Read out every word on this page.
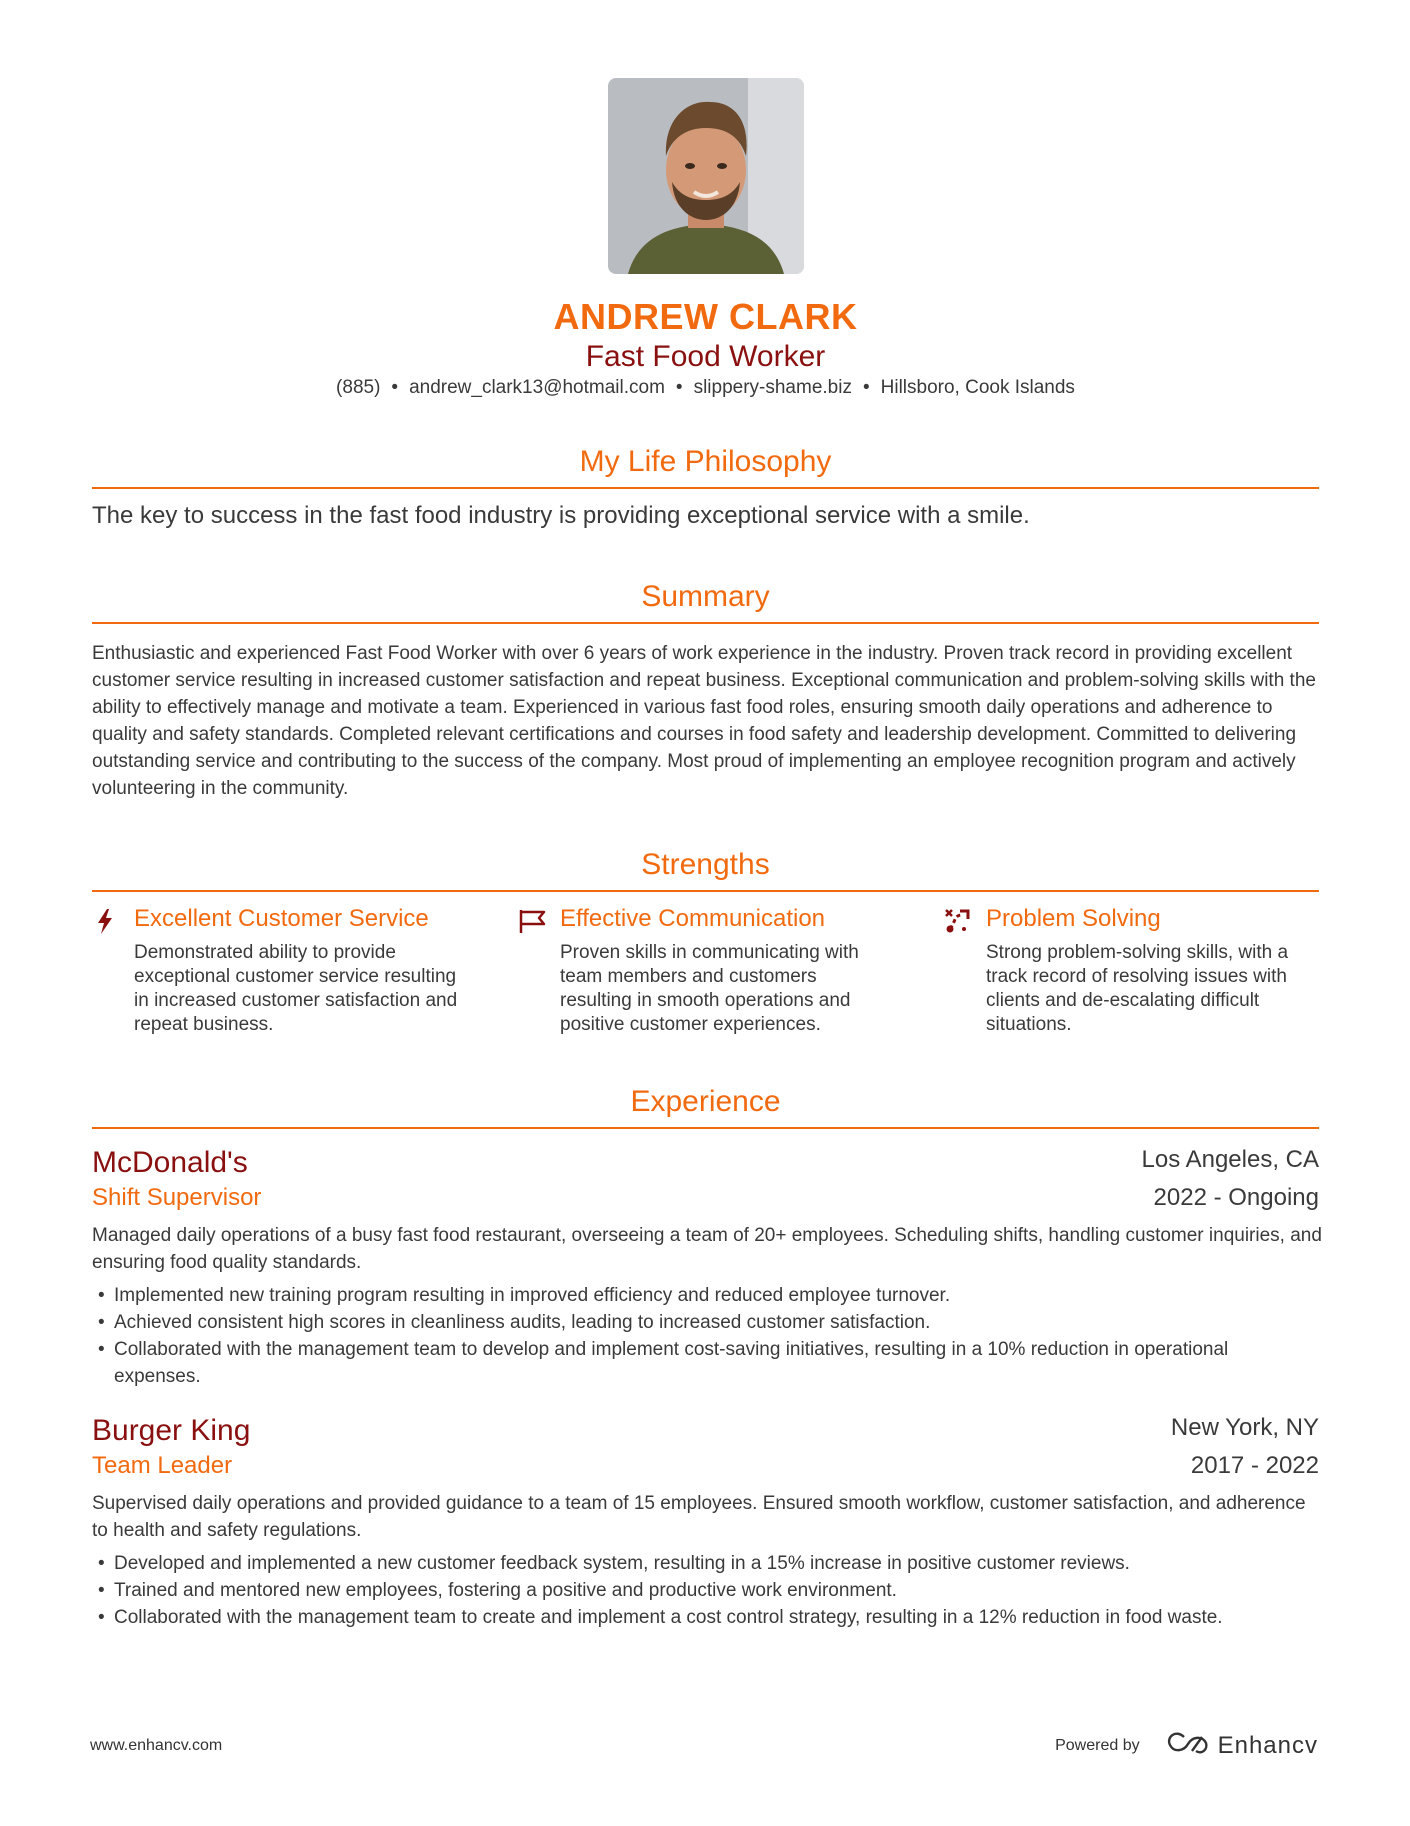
ANDREW CLARK
Fast Food Worker
(885) • andrew_clark13@hotmail.com • slippery-shame.biz • Hillsboro, Cook Islands
My Life Philosophy
The key to success in the fast food industry is providing exceptional service with a smile.
Summary
Enthusiastic and experienced Fast Food Worker with over 6 years of work experience in the industry. Proven track record in providing excellent customer service resulting in increased customer satisfaction and repeat business. Exceptional communication and problem-solving skills with the ability to effectively manage and motivate a team. Experienced in various fast food roles, ensuring smooth daily operations and adherence to quality and safety standards. Completed relevant certifications and courses in food safety and leadership development. Committed to delivering outstanding service and contributing to the success of the company. Most proud of implementing an employee recognition program and actively volunteering in the community.
Strengths
Excellent Customer Service
Demonstrated ability to provide exceptional customer service resulting in increased customer satisfaction and repeat business.
Effective Communication
Proven skills in communicating with team members and customers resulting in smooth operations and positive customer experiences.
Problem Solving
Strong problem-solving skills, with a track record of resolving issues with clients and de-escalating difficult situations.
Experience
McDonald's	Los Angeles, CA
Shift Supervisor	2022 - Ongoing
Managed daily operations of a busy fast food restaurant, overseeing a team of 20+ employees. Scheduling shifts, handling customer inquiries, and ensuring food quality standards.
• Implemented new training program resulting in improved efficiency and reduced employee turnover.
• Achieved consistent high scores in cleanliness audits, leading to increased customer satisfaction.
• Collaborated with the management team to develop and implement cost-saving initiatives, resulting in a 10% reduction in operational expenses.
Burger King	New York, NY
Team Leader	2017 - 2022
Supervised daily operations and provided guidance to a team of 15 employees. Ensured smooth workflow, customer satisfaction, and adherence to health and safety regulations.
• Developed and implemented a new customer feedback system, resulting in a 15% increase in positive customer reviews.
• Trained and mentored new employees, fostering a positive and productive work environment.
• Collaborated with the management team to create and implement a cost control strategy, resulting in a 12% reduction in food waste.
www.enhancv.com	Powered by	Enhancv
